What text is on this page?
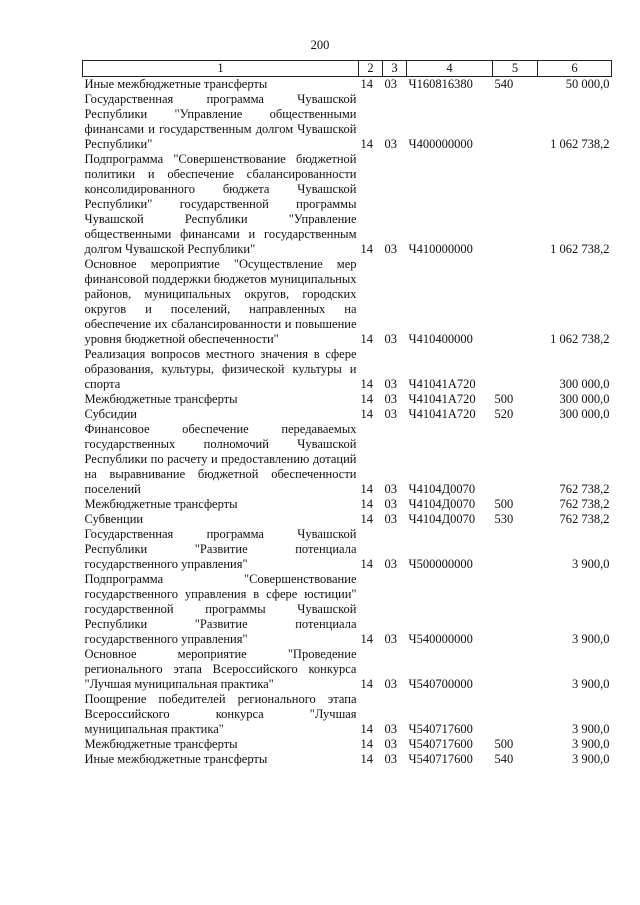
200
1	2	3	4	5	6
Иные межбюджетные трансферты	14	03	Ч160816380	540	50 000,0
Государственная программа Чувашской Республики "Управление общественными финансами и государственным долгом Чувашской Республики"	14	03	Ч400000000		1 062 738,2
Подпрограмма "Совершенствование бюджетной политики и обеспечение сбалансированности консолидированного бюджета Чувашской Республики" государственной программы Чувашской Республики "Управление общественными финансами и государственным долгом Чувашской Республики"	14	03	Ч410000000		1 062 738,2
Основное мероприятие "Осуществление мер финансовой поддержки бюджетов муниципальных районов, муниципальных округов, городских округов и поселений, направленных на обеспечение их сбалансированности и повышение уровня бюджетной обеспеченности"	14	03	Ч410400000		1 062 738,2
Реализация вопросов местного значения в сфере образования, культуры, физической культуры и спорта	14	03	Ч41041А720		300 000,0
Межбюджетные трансферты	14	03	Ч41041А720	500	300 000,0
Субсидии	14	03	Ч41041А720	520	300 000,0
Финансовое обеспечение передаваемых государственных полномочий Чувашской Республики по расчету и предоставлению дотаций на выравнивание бюджетной обеспеченности поселений	14	03	Ч4104Д0070		762 738,2
Межбюджетные трансферты	14	03	Ч4104Д0070	500	762 738,2
Субвенции	14	03	Ч4104Д0070	530	762 738,2
Государственная программа Чувашской Республики "Развитие потенциала государственного управления"	14	03	Ч500000000		3 900,0
Подпрограмма "Совершенствование государственного управления в сфере юстиции" государственной программы Чувашской Республики "Развитие потенциала государственного управления"	14	03	Ч540000000		3 900,0
Основное мероприятие "Проведение регионального этапа Всероссийского конкурса "Лучшая муниципальная практика"	14	03	Ч540700000		3 900,0
Поощрение победителей регионального этапа Всероссийского конкурса "Лучшая муниципальная практика"	14	03	Ч540717600		3 900,0
Межбюджетные трансферты	14	03	Ч540717600	500	3 900,0
Иные межбюджетные трансферты	14	03	Ч540717600	540	3 900,0
